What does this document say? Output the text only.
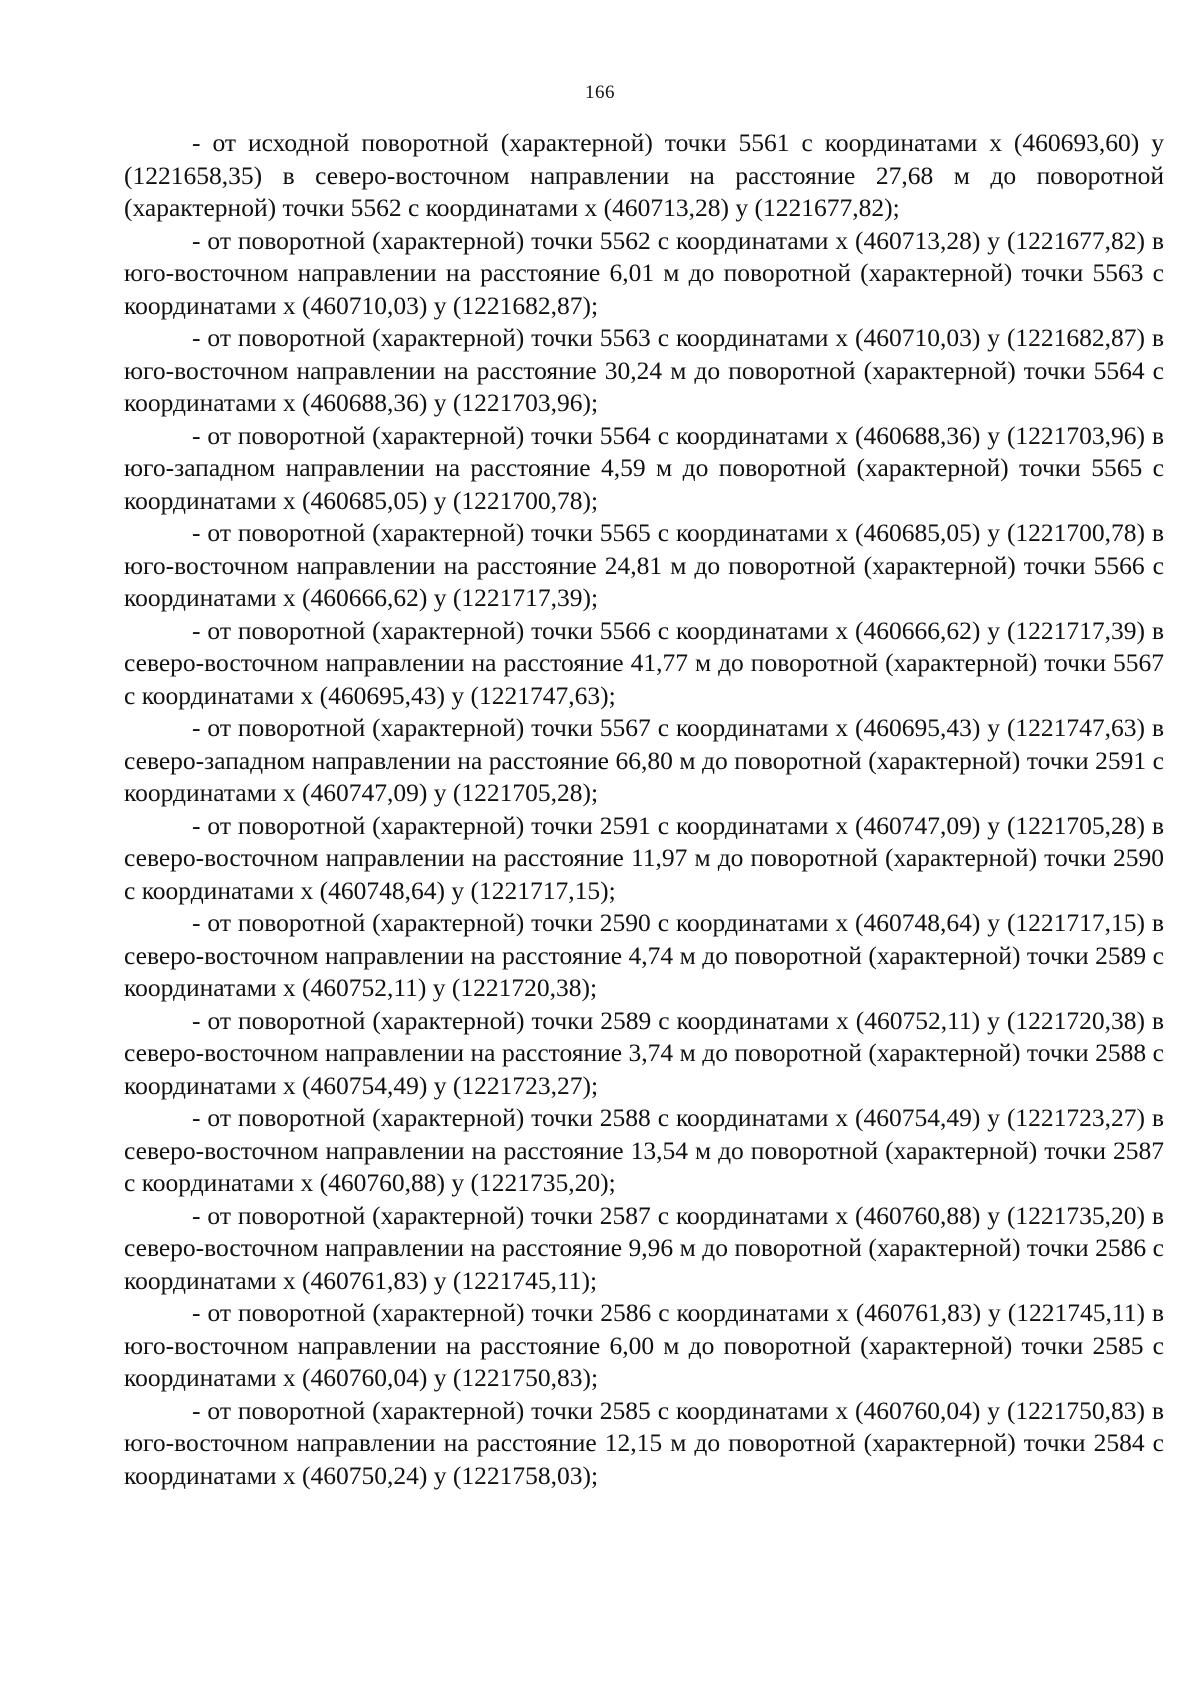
166

- от исходной поворотной (характерной) точки 5561 с координатами x (460693,60) y (1221658,35) в северо-восточном направлении на расстояние 27,68 м до поворотной (характерной) точки 5562 с координатами x (460713,28) y (1221677,82);

- от поворотной (характерной) точки 5562 с координатами x (460713,28) y (1221677,82) в юго-восточном направлении на расстояние 6,01 м до поворотной (характерной) точки 5563 с координатами x (460710,03) y (1221682,87);

- от поворотной (характерной) точки 5563 с координатами x (460710,03) y (1221682,87) в юго-восточном направлении на расстояние 30,24 м до поворотной (характерной) точки 5564 с координатами x (460688,36) y (1221703,96);

- от поворотной (характерной) точки 5564 с координатами x (460688,36) y (1221703,96) в юго-западном направлении на расстояние 4,59 м до поворотной (характерной) точки 5565 с координатами x (460685,05) y (1221700,78);

- от поворотной (характерной) точки 5565 с координатами x (460685,05) y (1221700,78) в юго-восточном направлении на расстояние 24,81 м до поворотной (характерной) точки 5566 с координатами x (460666,62) y (1221717,39);

- от поворотной (характерной) точки 5566 с координатами x (460666,62) y (1221717,39) в северо-восточном направлении на расстояние 41,77 м до поворотной (характерной) точки 5567 с координатами x (460695,43) y (1221747,63);

- от поворотной (характерной) точки 5567 с координатами x (460695,43) y (1221747,63) в северо-западном направлении на расстояние 66,80 м до поворотной (характерной) точки 2591 с координатами x (460747,09) y (1221705,28);

- от поворотной (характерной) точки 2591 с координатами x (460747,09) y (1221705,28) в северо-восточном направлении на расстояние 11,97 м до поворотной (характерной) точки 2590 с координатами x (460748,64) y (1221717,15);

- от поворотной (характерной) точки 2590 с координатами x (460748,64) y (1221717,15) в северо-восточном направлении на расстояние 4,74 м до поворотной (характерной) точки 2589 с координатами x (460752,11) y (1221720,38);

- от поворотной (характерной) точки 2589 с координатами x (460752,11) y (1221720,38) в северо-восточном направлении на расстояние 3,74 м до поворотной (характерной) точки 2588 с координатами x (460754,49) y (1221723,27);

- от поворотной (характерной) точки 2588 с координатами x (460754,49) y (1221723,27) в северо-восточном направлении на расстояние 13,54 м до поворотной (характерной) точки 2587 с координатами x (460760,88) y (1221735,20);

- от поворотной (характерной) точки 2587 с координатами x (460760,88) y (1221735,20) в северо-восточном направлении на расстояние 9,96 м до поворотной (характерной) точки 2586 с координатами x (460761,83) y (1221745,11);

- от поворотной (характерной) точки 2586 с координатами x (460761,83) y (1221745,11) в юго-восточном направлении на расстояние 6,00 м до поворотной (характерной) точки 2585 с координатами x (460760,04) y (1221750,83);

- от поворотной (характерной) точки 2585 с координатами x (460760,04) y (1221750,83) в юго-восточном направлении на расстояние 12,15 м до поворотной (характерной) точки 2584 с координатами x (460750,24) y (1221758,03);
